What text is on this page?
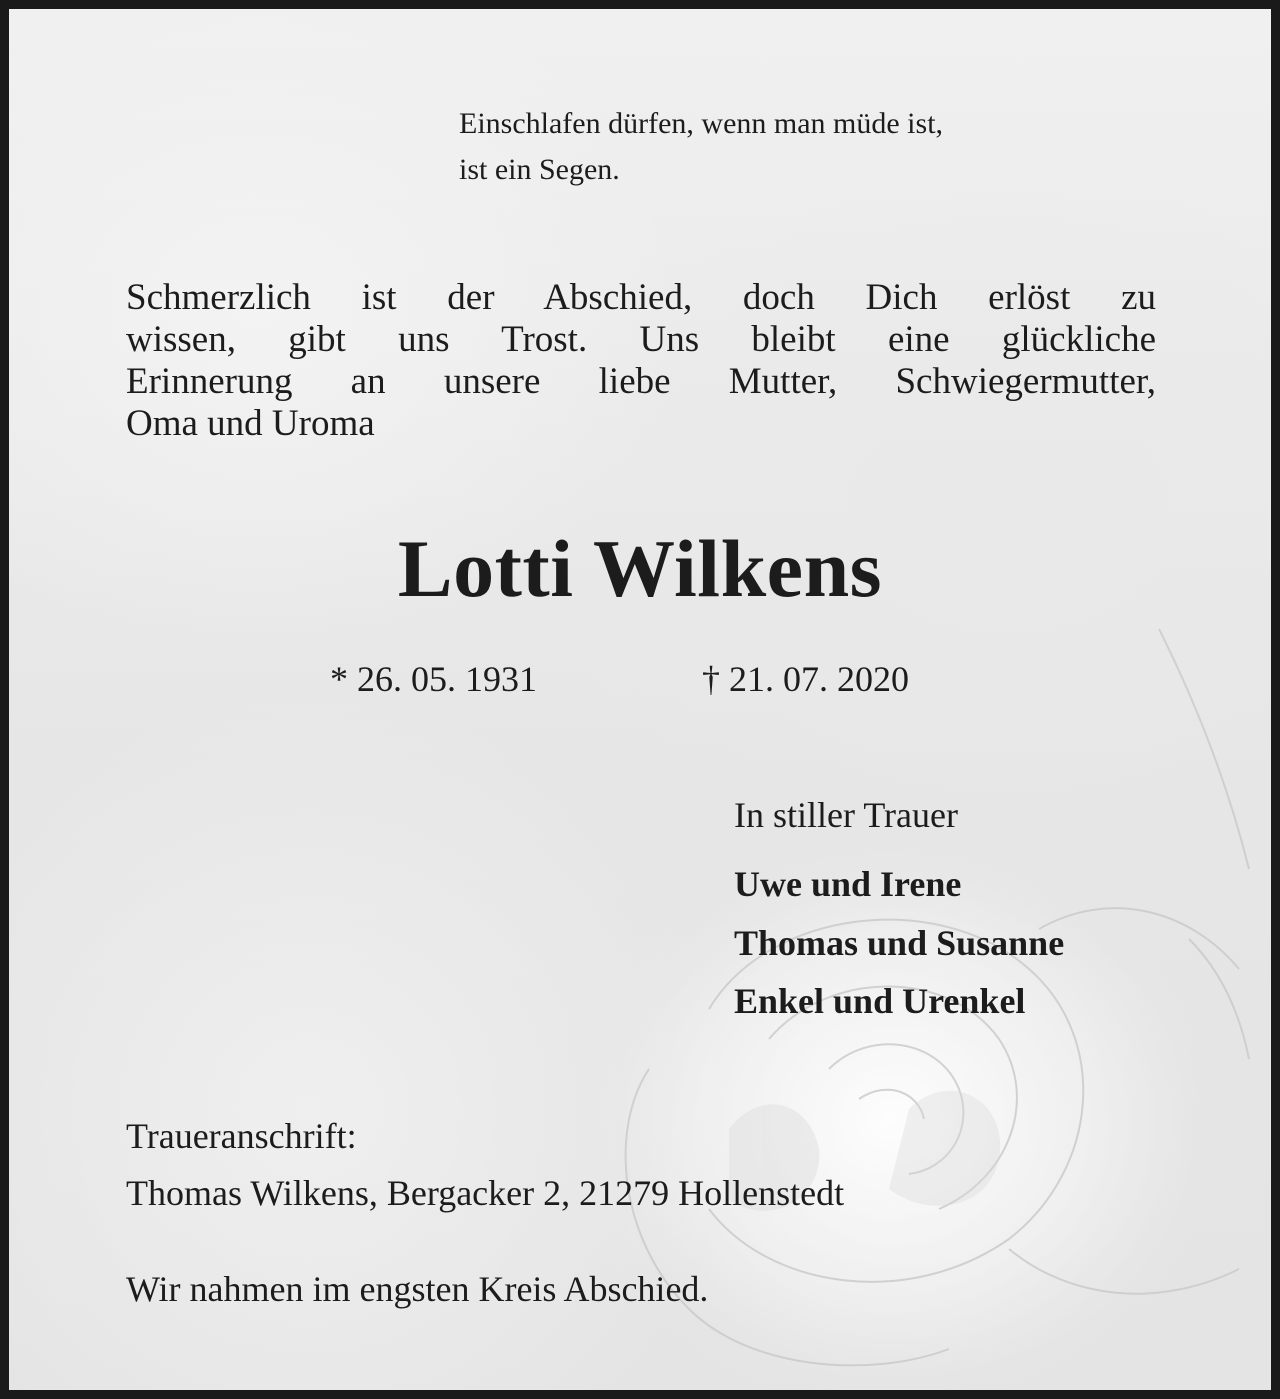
Einschlafen dürfen, wenn man müde ist,
ist ein Segen.
Schmerzlich ist der Abschied, doch Dich erlöst zu
wissen, gibt uns Trost. Uns bleibt eine glückliche
Erinnerung an unsere liebe Mutter, Schwiegermutter,
Oma und Uroma
Lotti Wilkens
* 26. 05. 1931	† 21. 07. 2020
In stiller Trauer
Uwe und Irene
Thomas und Susanne
Enkel und Urenkel
Traueranschrift:
Thomas Wilkens, Bergacker 2, 21279 Hollenstedt
Wir nahmen im engsten Kreis Abschied.
